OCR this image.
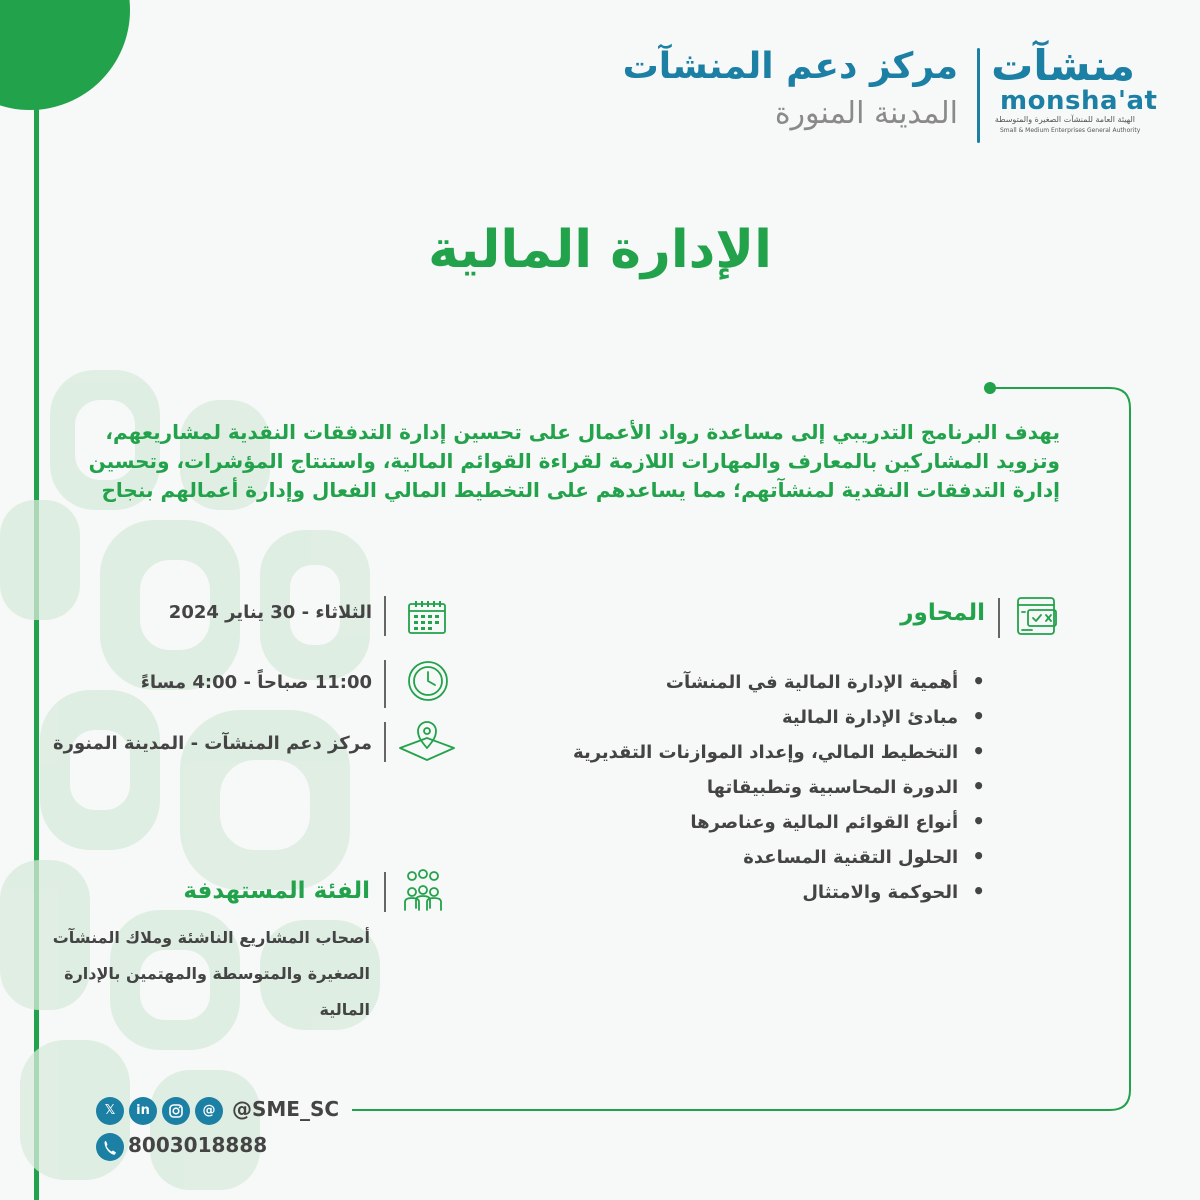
مركز دعم المنشآت
المدينة المنورة
منشآت
monsha'at
الهيئة العامة للمنشآت الصغيرة والمتوسطة
Small & Medium Enterprises General Authority
الإدارة المالية
يهدف البرنامج التدريبي إلى مساعدة رواد الأعمال على تحسين إدارة التدفقات النقدية لمشاريعهم، وتزويد المشاركين بالمعارف والمهارات اللازمة لقراءة القوائم المالية، واستنتاج المؤشرات، وتحسين إدارة التدفقات النقدية لمنشآتهم؛ مما يساعدهم على التخطيط المالي الفعال وإدارة أعمالهم بنجاح
المحاور
• أهمية الإدارة المالية في المنشآت
• مبادئ الإدارة المالية
• التخطيط المالي، وإعداد الموازنات التقديرية
• الدورة المحاسبية وتطبيقاتها
• أنواع القوائم المالية وعناصرها
• الحلول التقنية المساعدة
• الحوكمة والامتثال
الثلاثاء - 30 يناير 2024
11:00 صباحاً - 4:00 مساءً
مركز دعم المنشآت - المدينة المنورة
الفئة المستهدفة
أصحاب المشاريع الناشئة وملاك المنشآت الصغيرة والمتوسطة والمهتمين بالإدارة المالية
𝕏	in	@ @SME_SC
8003018888
